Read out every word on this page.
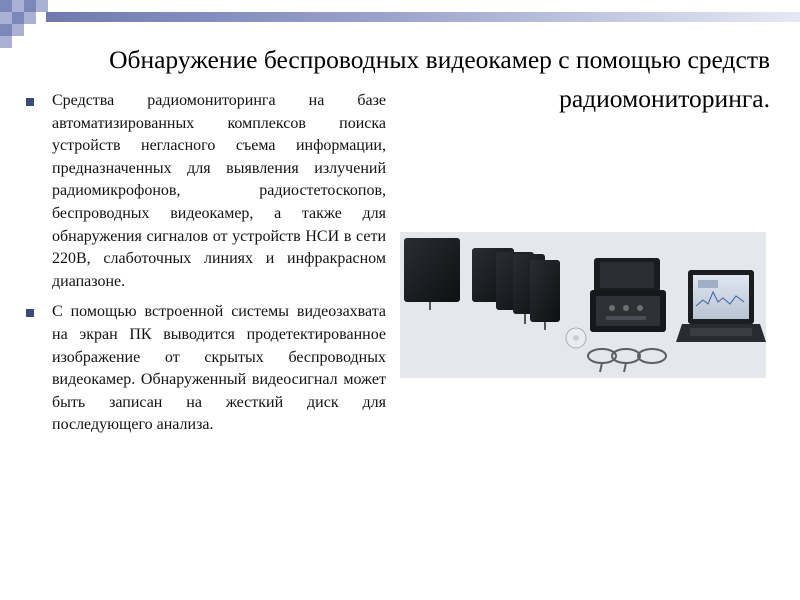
Обнаружение беспроводных видеокамер с помощью средств радиомониторинга.
Средства радиомониторинга на базе автоматизированных комплексов поиска устройств негласного съема информации, предназначенных для выявления излучений радиомикрофонов, радиостетоскопов, беспроводных видеокамер, а также для обнаружения сигналов от устройств НСИ в сети 220В, слаботочных линиях и инфракрасном диапазоне.
С помощью встроенной системы видеозахвата на экран ПК выводится продетектированное изображение от скрытых беспроводных видеокамер. Обнаруженный видеосигнал может быть записан на жесткий диск для последующего анализа.
